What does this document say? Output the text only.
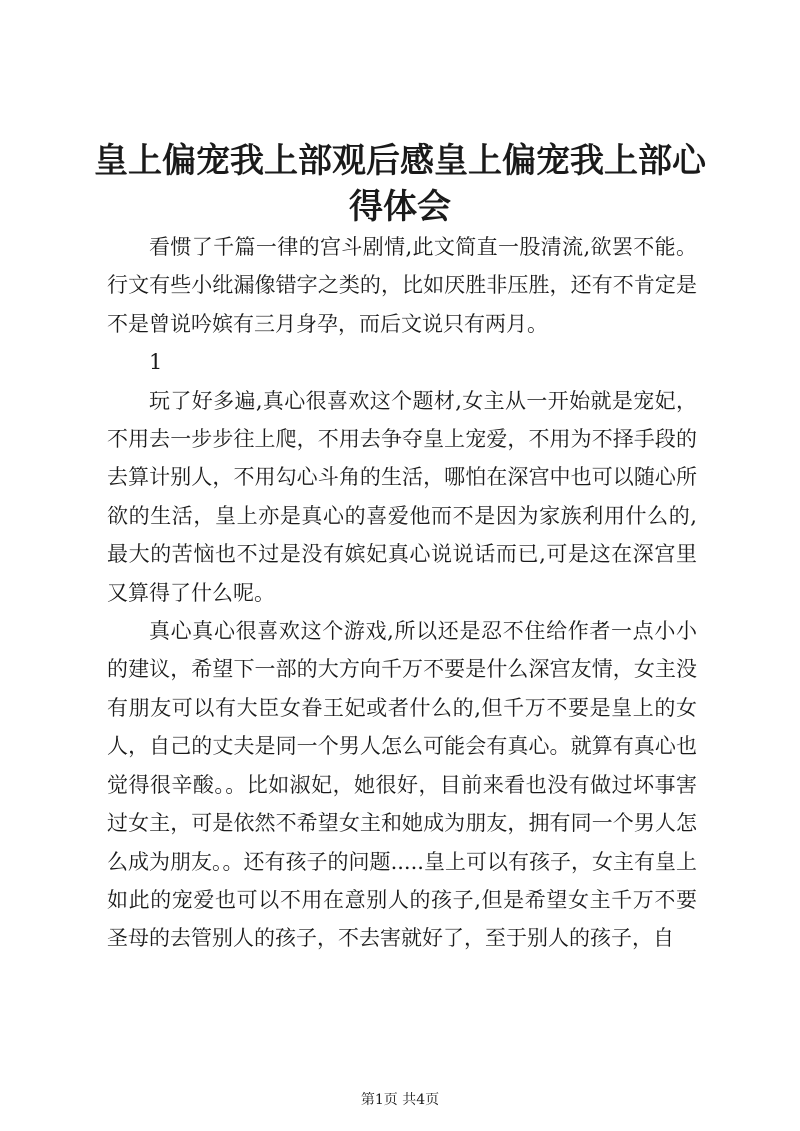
皇上偏宠我上部观后感皇上偏宠我上部心得体会

看惯了千篇一律的宫斗剧情,此文简直一股清流,欲罢不能。行文有些小纰漏像错字之类的，比如厌胜非压胜，还有不肯定是不是曾说吟嫔有三月身孕，而后文说只有两月。

1

玩了好多遍,真心很喜欢这个题材,女主从一开始就是宠妃，不用去一步步往上爬，不用去争夺皇上宠爱，不用为不择手段的去算计别人，不用勾心斗角的生活，哪怕在深宫中也可以随心所欲的生活，皇上亦是真心的喜爱他而不是因为家族利用什么的,最大的苦恼也不过是没有嫔妃真心说说话而已,可是这在深宫里又算得了什么呢。

真心真心很喜欢这个游戏,所以还是忍不住给作者一点小小的建议，希望下一部的大方向千万不要是什么深宫友情，女主没有朋友可以有大臣女眷王妃或者什么的,但千万不要是皇上的女人，自己的丈夫是同一个男人怎么可能会有真心。就算有真心也觉得很辛酸。。比如淑妃，她很好，目前来看也没有做过坏事害过女主，可是依然不希望女主和她成为朋友，拥有同一个男人怎么成为朋友。。还有孩子的问题.....皇上可以有孩子，女主有皇上如此的宠爱也可以不用在意别人的孩子,但是希望女主千万不要圣母的去管别人的孩子，不去害就好了，至于别人的孩子，自

第1页 共4页
